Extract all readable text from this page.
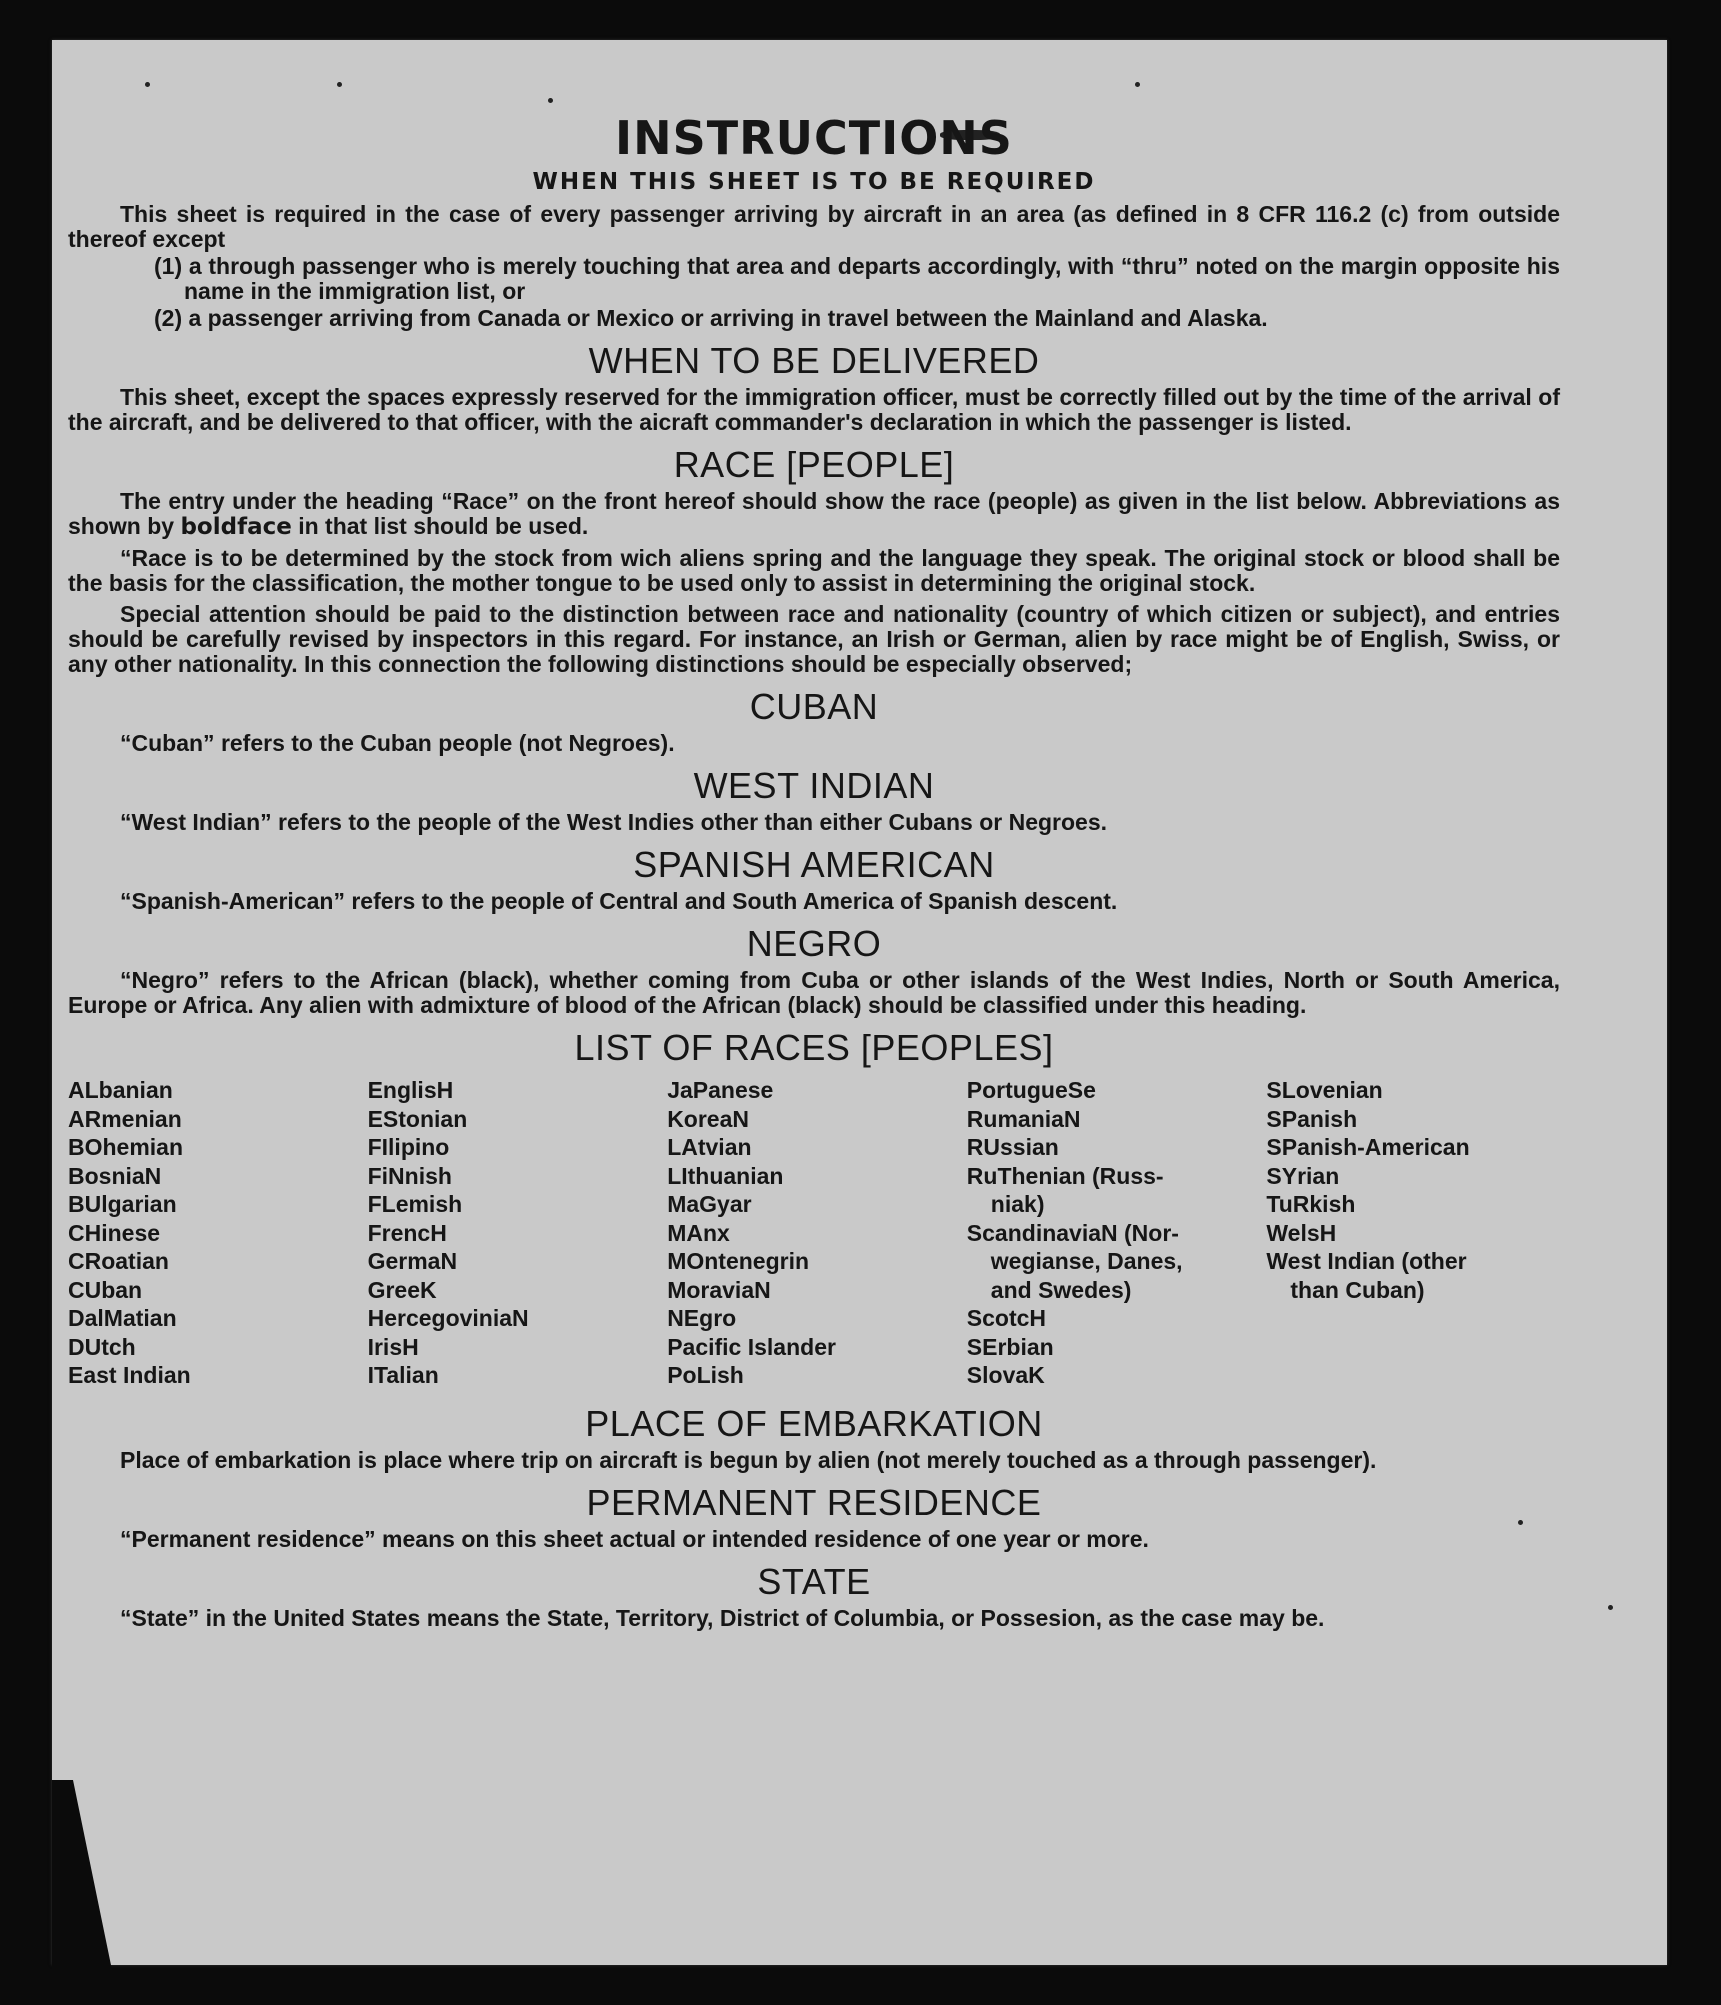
INSTRUCTIONS
WHEN THIS SHEET IS TO BE REQUIRED

This sheet is required in the case of every passenger arriving by aircraft in an area (as defined in 8 CFR 116.2 (c) from outside thereof except

(1) a through passenger who is merely touching that area and departs accordingly, with “thru” noted on the margin opposite his name in the immigration list, or

(2) a passenger arriving from Canada or Mexico or arriving in travel between the Mainland and Alaska.

WHEN TO BE DELIVERED

This sheet, except the spaces expressly reserved for the immigration officer, must be correctly filled out by the time of the arrival of the aircraft, and be delivered to that officer, with the aicraft commander's declaration in which the passenger is listed.

RACE [PEOPLE]

The entry under the heading “Race” on the front hereof should show the race (people) as given in the list below. Abbreviations as shown by boldface in that list should be used.

“Race is to be determined by the stock from wich aliens spring and the language they speak. The original stock or blood shall be the basis for the classification, the mother tongue to be used only to assist in determining the original stock.

Special attention should be paid to the distinction between race and nationality (country of which citizen or subject), and entries should be carefully revised by inspectors in this regard. For instance, an Irish or German, alien by race might be of English, Swiss, or any other nationality. In this connection the following distinctions should be especially observed;

CUBAN

“Cuban” refers to the Cuban people (not Negroes).

WEST INDIAN

“West Indian” refers to the people of the West Indies other than either Cubans or Negroes.

SPANISH AMERICAN

“Spanish-American” refers to the people of Central and South America of Spanish descent.

NEGRO

“Negro” refers to the African (black), whether coming from Cuba or other islands of the West Indies, North or South America, Europe or Africa. Any alien with admixture of blood of the African (black) should be classified under this heading.

LIST OF RACES [PEOPLES]
ALbanian
ARmenian
BOhemian
BosniaN
BUlgarian
CHinese
CRoatian
CUban
DalMatian
DUtch
East Indian
EnglisH
EStonian
FIlipino
FiNnish
FLemish
FrencH
GermaN
GreeK
HercegoviniaN
IrisH
ITalian
JaPanese
KoreaN
LAtvian
LIthuanian
MaGyar
MAnx
MOntenegrin
MoraviaN
NEgro
Pacific Islander
PoLish
PortugueSe
RumaniaN
RUssian
RuThenian (Russ-
niak)
ScandinaviaN (Nor-
wegianse, Danes,
and Swedes)
ScotcH
SErbian
SlovaK
SLovenian
SPanish
SPanish-American
SYrian
TuRkish
WelsH
West Indian (other
than Cuban)
PLACE OF EMBARKATION

Place of embarkation is place where trip on aircraft is begun by alien (not merely touched as a through passenger).

PERMANENT RESIDENCE

“Permanent residence” means on this sheet actual or intended residence of one year or more.

STATE

“State” in the United States means the State, Territory, District of Columbia, or Possesion, as the case may be.
